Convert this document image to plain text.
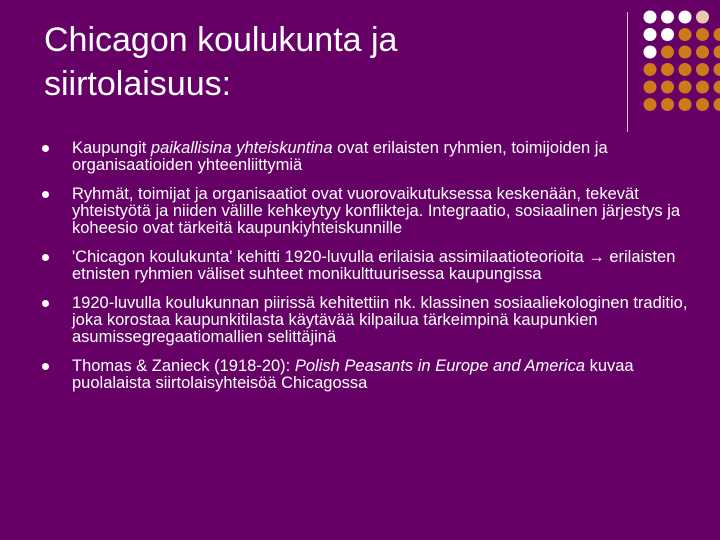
Chicagon koulukunta ja
siirtolaisuus:
Kaupungit paikallisina yhteiskuntina ovat erilaisten ryhmien, toimijoiden ja organisaatioiden yhteenliittymiä
Ryhmät, toimijat ja organisaatiot ovat vuorovaikutuksessa keskenään, tekevät yhteistyötä ja niiden välille kehkeytyy konflikteja. Integraatio, sosiaalinen järjestys ja koheesio ovat tärkeitä kaupunkiyhteiskunnille
'Chicagon koulukunta' kehitti 1920-luvulla erilaisia assimilaatioteorioita → erilaisten etnisten ryhmien väliset suhteet monikulttuurisessa kaupungissa
1920-luvulla koulukunnan piirissä kehitettiin nk. klassinen sosiaaliekologinen traditio, joka korostaa kaupunkitilasta käytävää kilpailua tärkeimpinä kaupunkien asumissegregaatiomallien selittäjinä
Thomas & Zanieck (1918-20): Polish Peasants in Europe and America kuvaa puolalaista siirtolaisyhteisöä Chicagossa
